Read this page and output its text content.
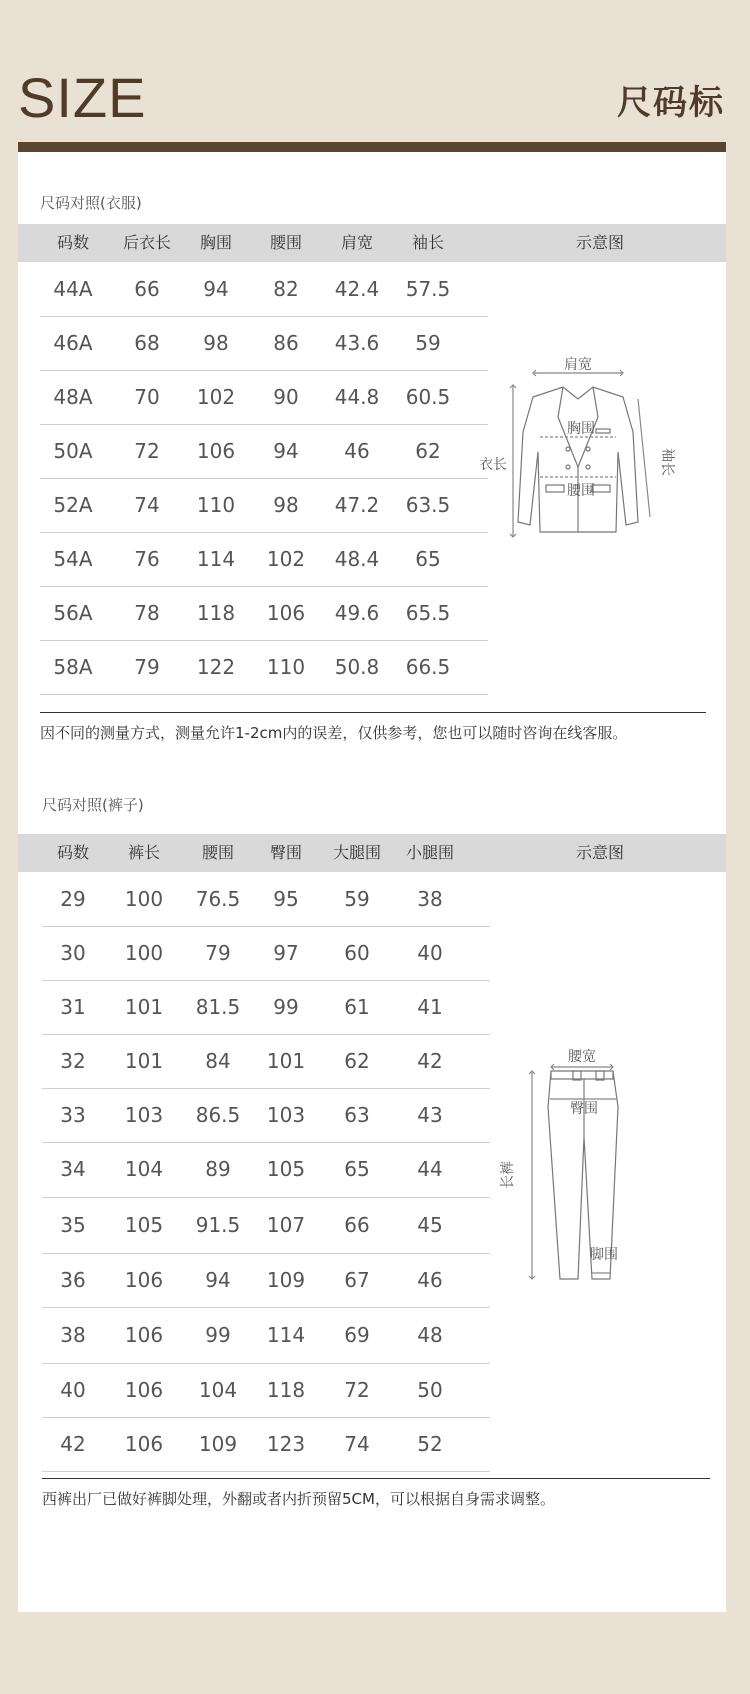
SIZE	尺码标
尺码对照(衣服)
码数 后衣长 胸围 腰围 肩宽 袖长	示意图
44A 66 94 82 42.4 57.5
46A 68 98 86 43.6 59
48A 70 102 90 44.8 60.5
50A 72 106 94 46 62
52A 74 110 98 47.2 63.5
54A 76 114 102 48.4 65
56A 78 118 106 49.6 65.5
58A 79 122 110 50.8 66.5
因不同的测量方式，测量允许1-2cm内的误差，仅供参考，您也可以随时咨询在线客服。
肩宽
胸围
衣长
腰围
袖长
尺码对照(裤子)
码数 裤长	腰围 臀围 大腿围 小腿围	示意图
29 100 76.5 95 59 38
30 100 79 97 60 40
31 101 81.5 99 61 41
32 101 84 101 62 42
33 103 86.5 103 63 43
34 104 89 105 65 44
35 105 91.5 107 66 45
36 106 94 109 67 46
38 106 99 114 69 48
40 106 104 118 72 50
42 106 109 123 74 52
西裤出厂已做好裤脚处理，外翻或者内折预留5CM，可以根据自身需求调整。
腰宽
臀围
长裤
脚围
